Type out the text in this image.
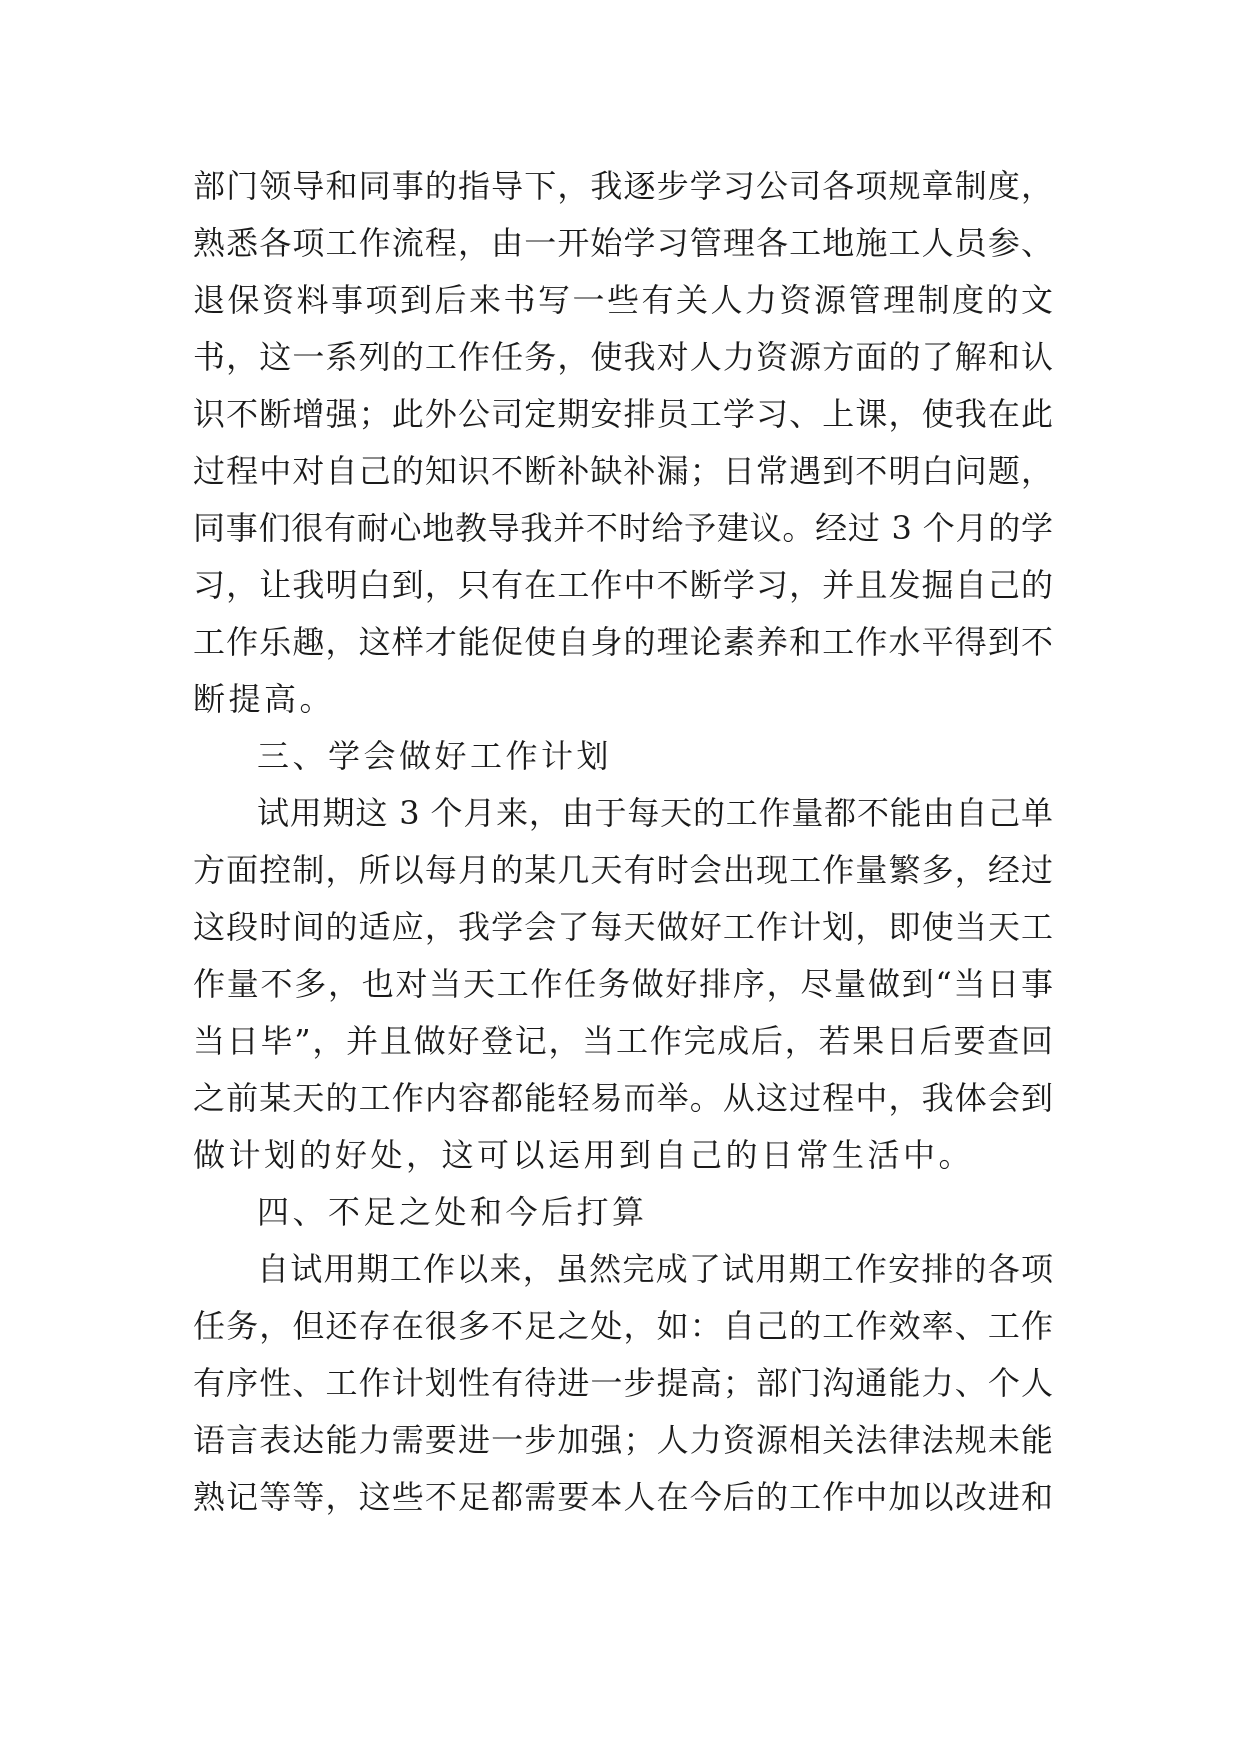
部门领导和同事的指导下，我逐步学习公司各项规章制度，
熟悉各项工作流程，由一开始学习管理各工地施工人员参、
退保资料事项到后来书写一些有关人力资源管理制度的文
书，这一系列的工作任务，使我对人力资源方面的了解和认
识不断增强；此外公司定期安排员工学习、上课，使我在此
过程中对自己的知识不断补缺补漏；日常遇到不明白问题，
同事们很有耐心地教导我并不时给予建议。经过 3 个月的学
习，让我明白到，只有在工作中不断学习，并且发掘自己的
工作乐趣，这样才能促使自身的理论素养和工作水平得到不
断提高。
三、学会做好工作计划
试用期这 3 个月来，由于每天的工作量都不能由自己单
方面控制，所以每月的某几天有时会出现工作量繁多，经过
这段时间的适应，我学会了每天做好工作计划，即使当天工
作量不多，也对当天工作任务做好排序，尽量做到“当日事
当日毕”，并且做好登记，当工作完成后，若果日后要查回
之前某天的工作内容都能轻易而举。从这过程中，我体会到
做计划的好处，这可以运用到自己的日常生活中。
四、不足之处和今后打算
自试用期工作以来，虽然完成了试用期工作安排的各项
任务，但还存在很多不足之处，如：自己的工作效率、工作
有序性、工作计划性有待进一步提高；部门沟通能力、个人
语言表达能力需要进一步加强；人力资源相关法律法规未能
熟记等等，这些不足都需要本人在今后的工作中加以改进和
